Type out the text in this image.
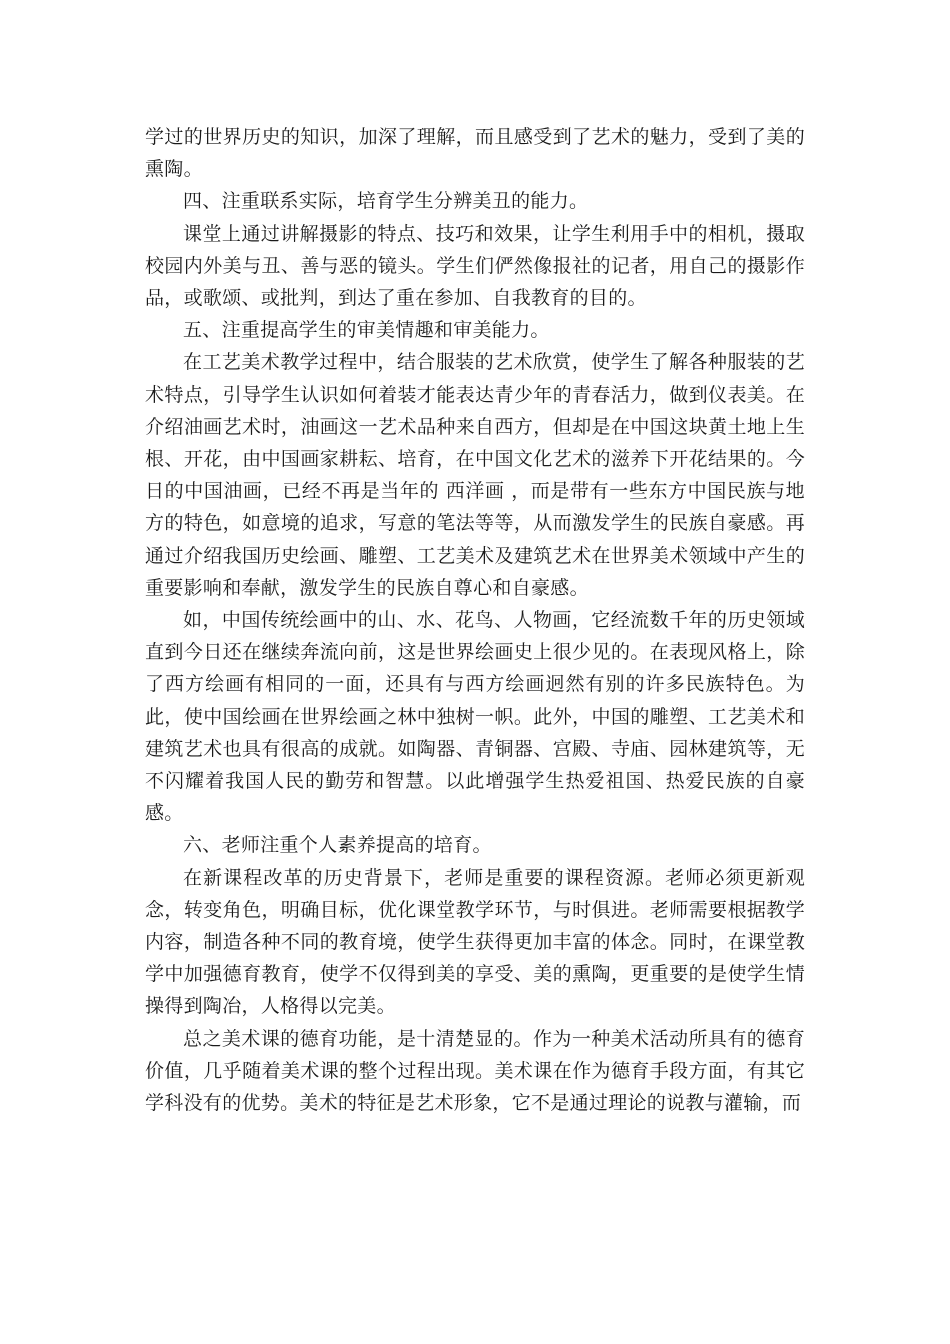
学过的世界历史的知识，加深了理解，而且感受到了艺术的魅力，受到了美的熏陶。

四、注重联系实际，培育学生分辨美丑的能力。

课堂上通过讲解摄影的特点、技巧和效果，让学生利用手中的相机，摄取校园内外美与丑、善与恶的镜头。学生们俨然像报社的记者，用自己的摄影作品，或歌颂、或批判，到达了重在参加、自我教育的目的。

五、注重提高学生的审美情趣和审美能力。

在工艺美术教学过程中，结合服装的艺术欣赏，使学生了解各种服装的艺术特点，引导学生认识如何着装才能表达青少年的青春活力，做到仪表美。在介绍油画艺术时，油画这一艺术品种来自西方，但却是在中国这块黄土地上生根、开花，由中国画家耕耘、培育，在中国文化艺术的滋养下开花结果的。今日的中国油画，已经不再是当年的 西洋画 ，而是带有一些东方中国民族与地方的特色，如意境的追求，写意的笔法等等，从而激发学生的民族自豪感。再通过介绍我国历史绘画、雕塑、工艺美术及建筑艺术在世界美术领域中产生的重要影响和奉献，激发学生的民族自尊心和自豪感。

如，中国传统绘画中的山、水、花鸟、人物画，它经流数千年的历史领域直到今日还在继续奔流向前，这是世界绘画史上很少见的。在表现风格上，除了西方绘画有相同的一面，还具有与西方绘画迥然有别的许多民族特色。为此，使中国绘画在世界绘画之林中独树一帜。此外，中国的雕塑、工艺美术和建筑艺术也具有很高的成就。如陶器、青铜器、宫殿、寺庙、园林建筑等，无不闪耀着我国人民的勤劳和智慧。以此增强学生热爱祖国、热爱民族的自豪感。

六、老师注重个人素养提高的培育。

在新课程改革的历史背景下，老师是重要的课程资源。老师必须更新观念，转变角色，明确目标，优化课堂教学环节，与时俱进。老师需要根据教学内容，制造各种不同的教育境，使学生获得更加丰富的体念。同时，在课堂教学中加强德育教育，使学不仅得到美的享受、美的熏陶，更重要的是使学生情操得到陶冶，人格得以完美。

总之美术课的德育功能，是十清楚显的。作为一种美术活动所具有的德育价值，几乎随着美术课的整个过程出现。美术课在作为德育手段方面，有其它学科没有的优势。美术的特征是艺术形象，它不是通过理论的说教与灌输，而
